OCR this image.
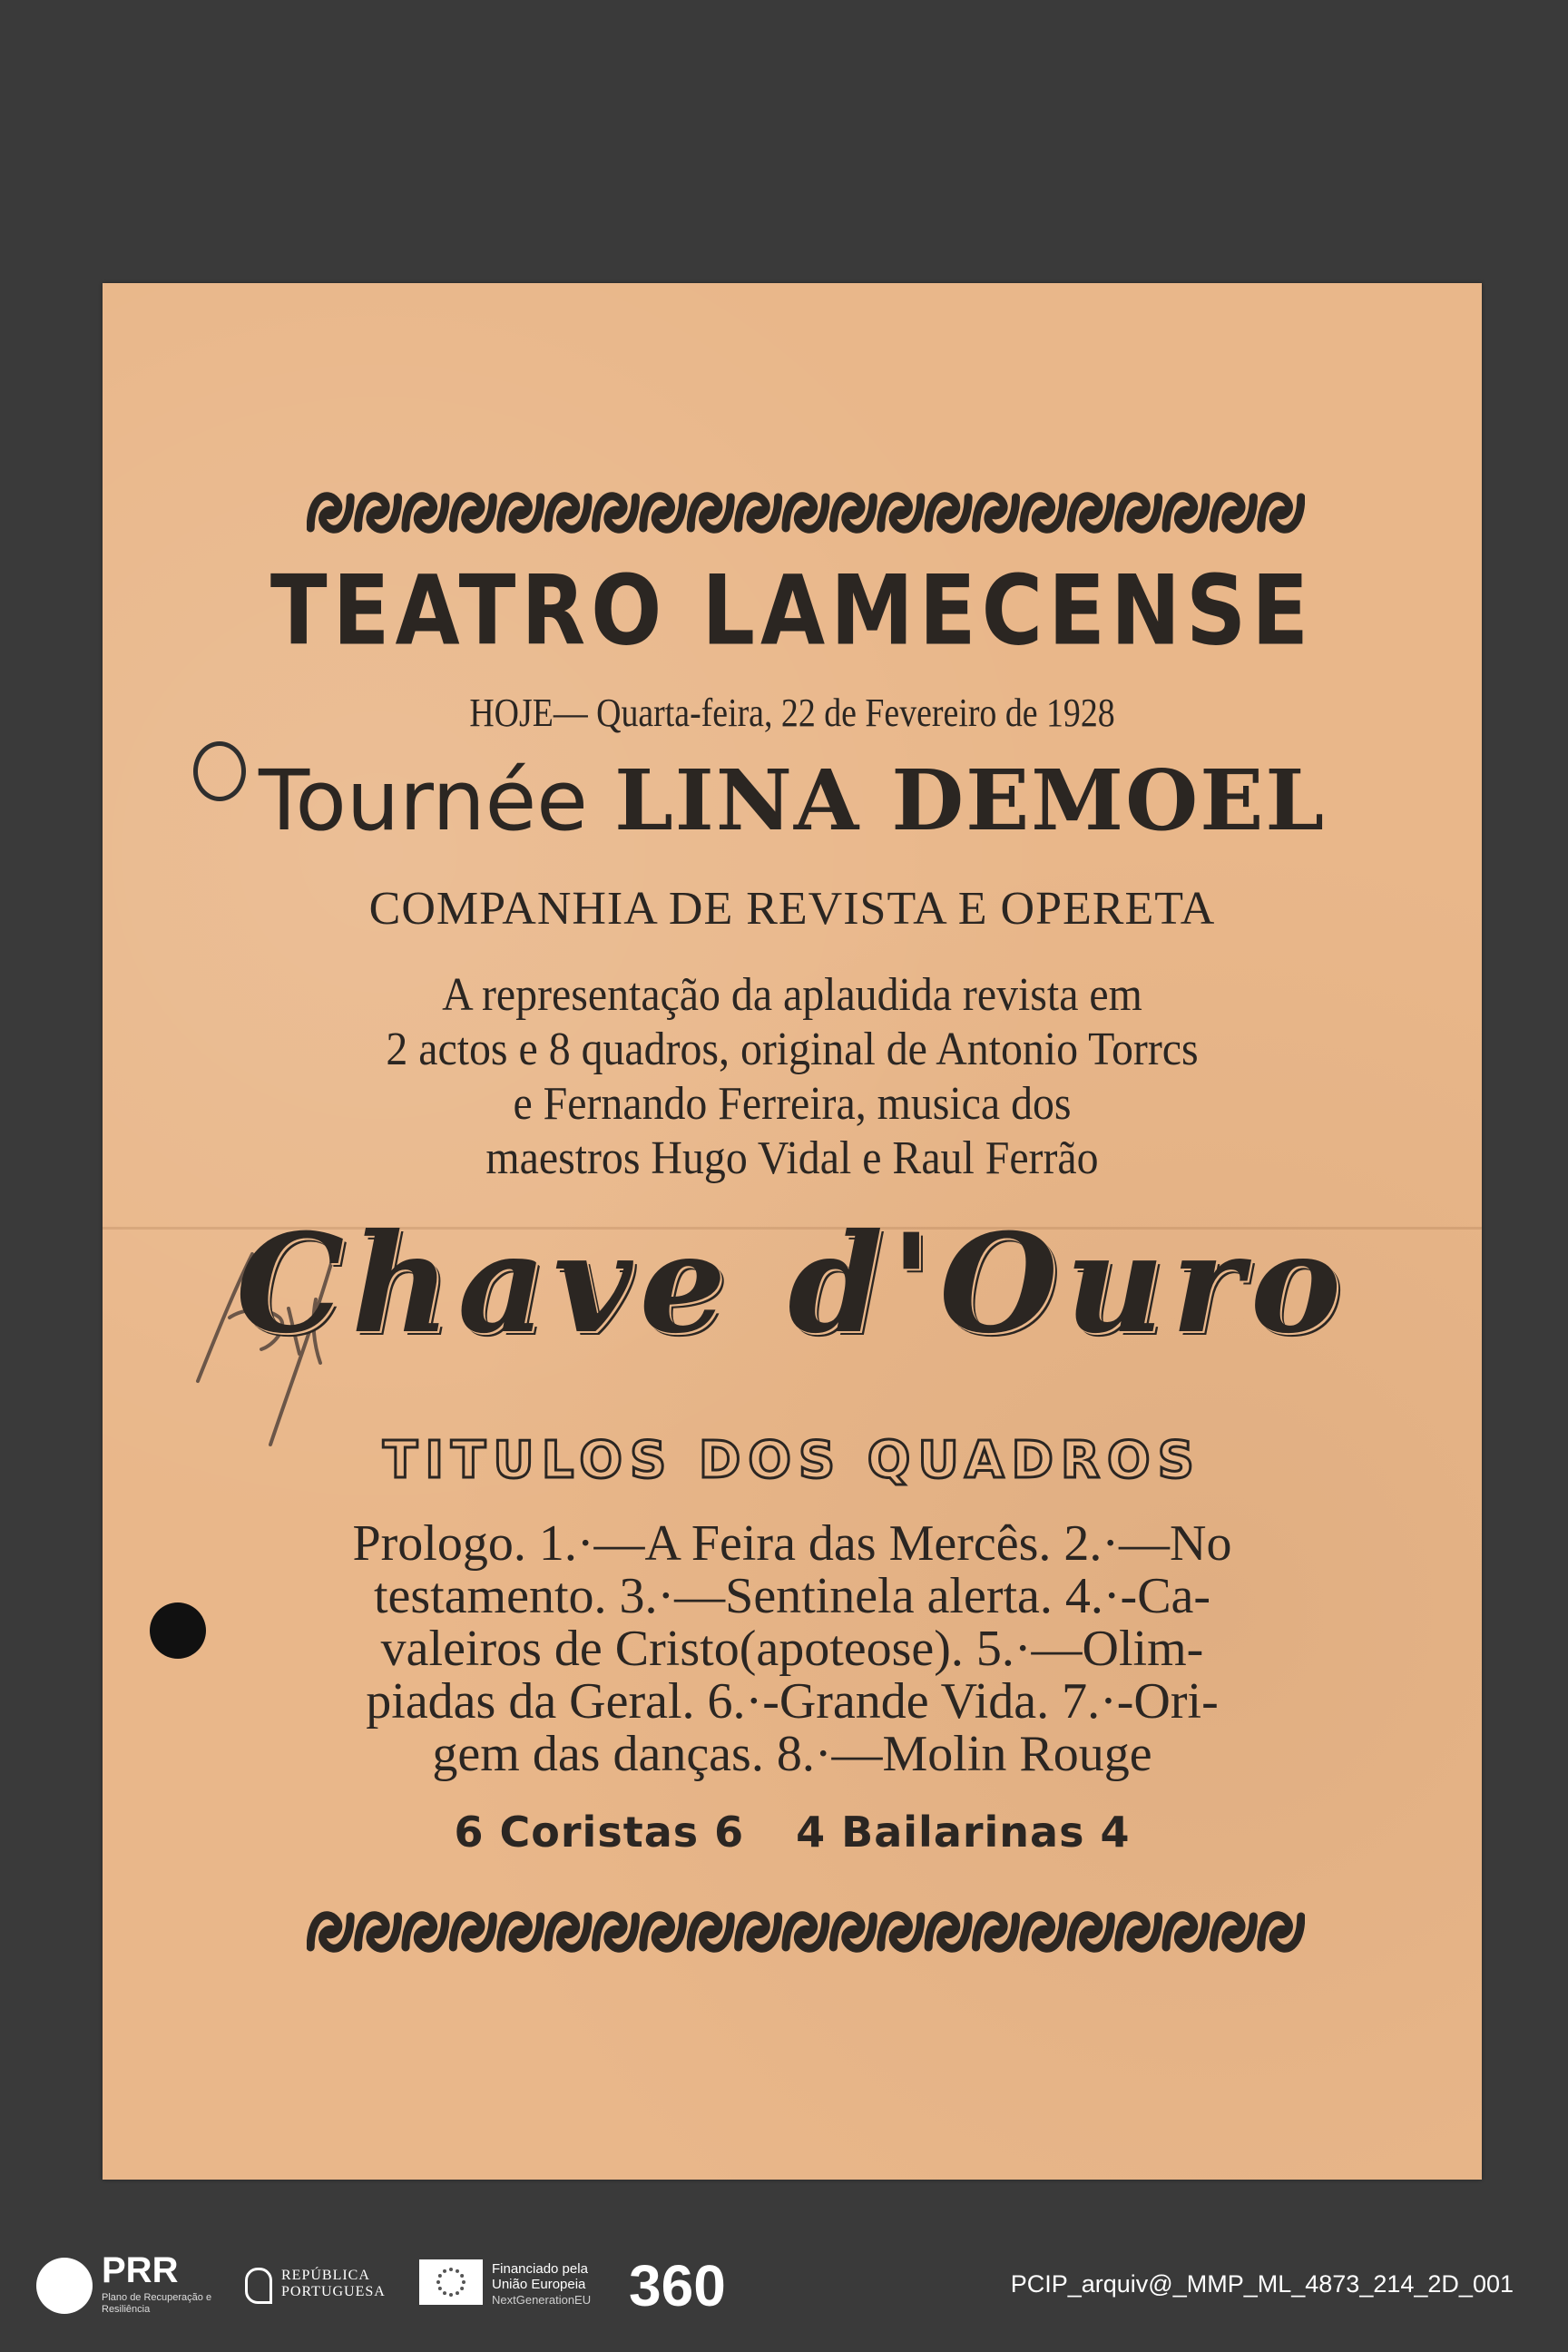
TEATRO LAMECENSE
HOJE— Quarta-feira, 22 de Fevereiro de 1928
Tournée LINA DEMOEL
COMPANHIA DE REVISTA E OPERETA
A representação da aplaudida revista em
2 actos e 8 quadros, original de Antonio Torrcs
e Fernando Ferreira, musica dos
maestros Hugo Vidal e Raul Ferrão
Chave d'Ouro
TITULOS DOS QUADROS
Prologo. 1.·—A Feira das Mercês. 2.·—No
testamento. 3.·—Sentinela alerta. 4.·-Ca-
valeiros de Cristo(apoteose). 5.·—Olim-
piadas da Geral. 6.·-Grande Vida. 7.·-Ori-
gem das danças. 8.·—Molin Rouge
6 Coristas 6 4 Bailarinas 4
PRR
Plano de Recuperação e Resiliência
REPÚBLICA
PORTUGUESA
Financiado pela
União Europeia
NextGenerationEU 360	PCIP_arquiv@_MMP_ML_4873_214_2D_001
